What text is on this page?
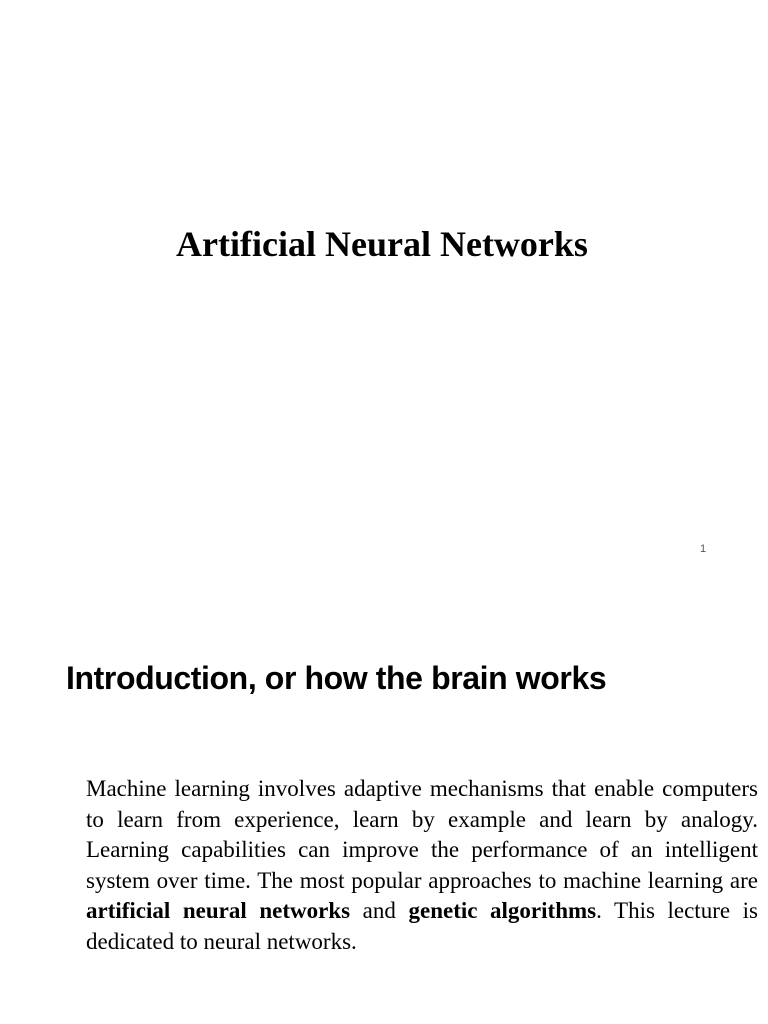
Artificial Neural Networks
1
Introduction, or how the brain works

Machine learning involves adaptive mechanisms that enable computers to learn from experience, learn by example and learn by analogy. Learning capabilities can improve the performance of an intelligent system over time. The most popular approaches to machine learning are artificial neural networks and genetic algorithms. This lecture is dedicated to neural networks.
